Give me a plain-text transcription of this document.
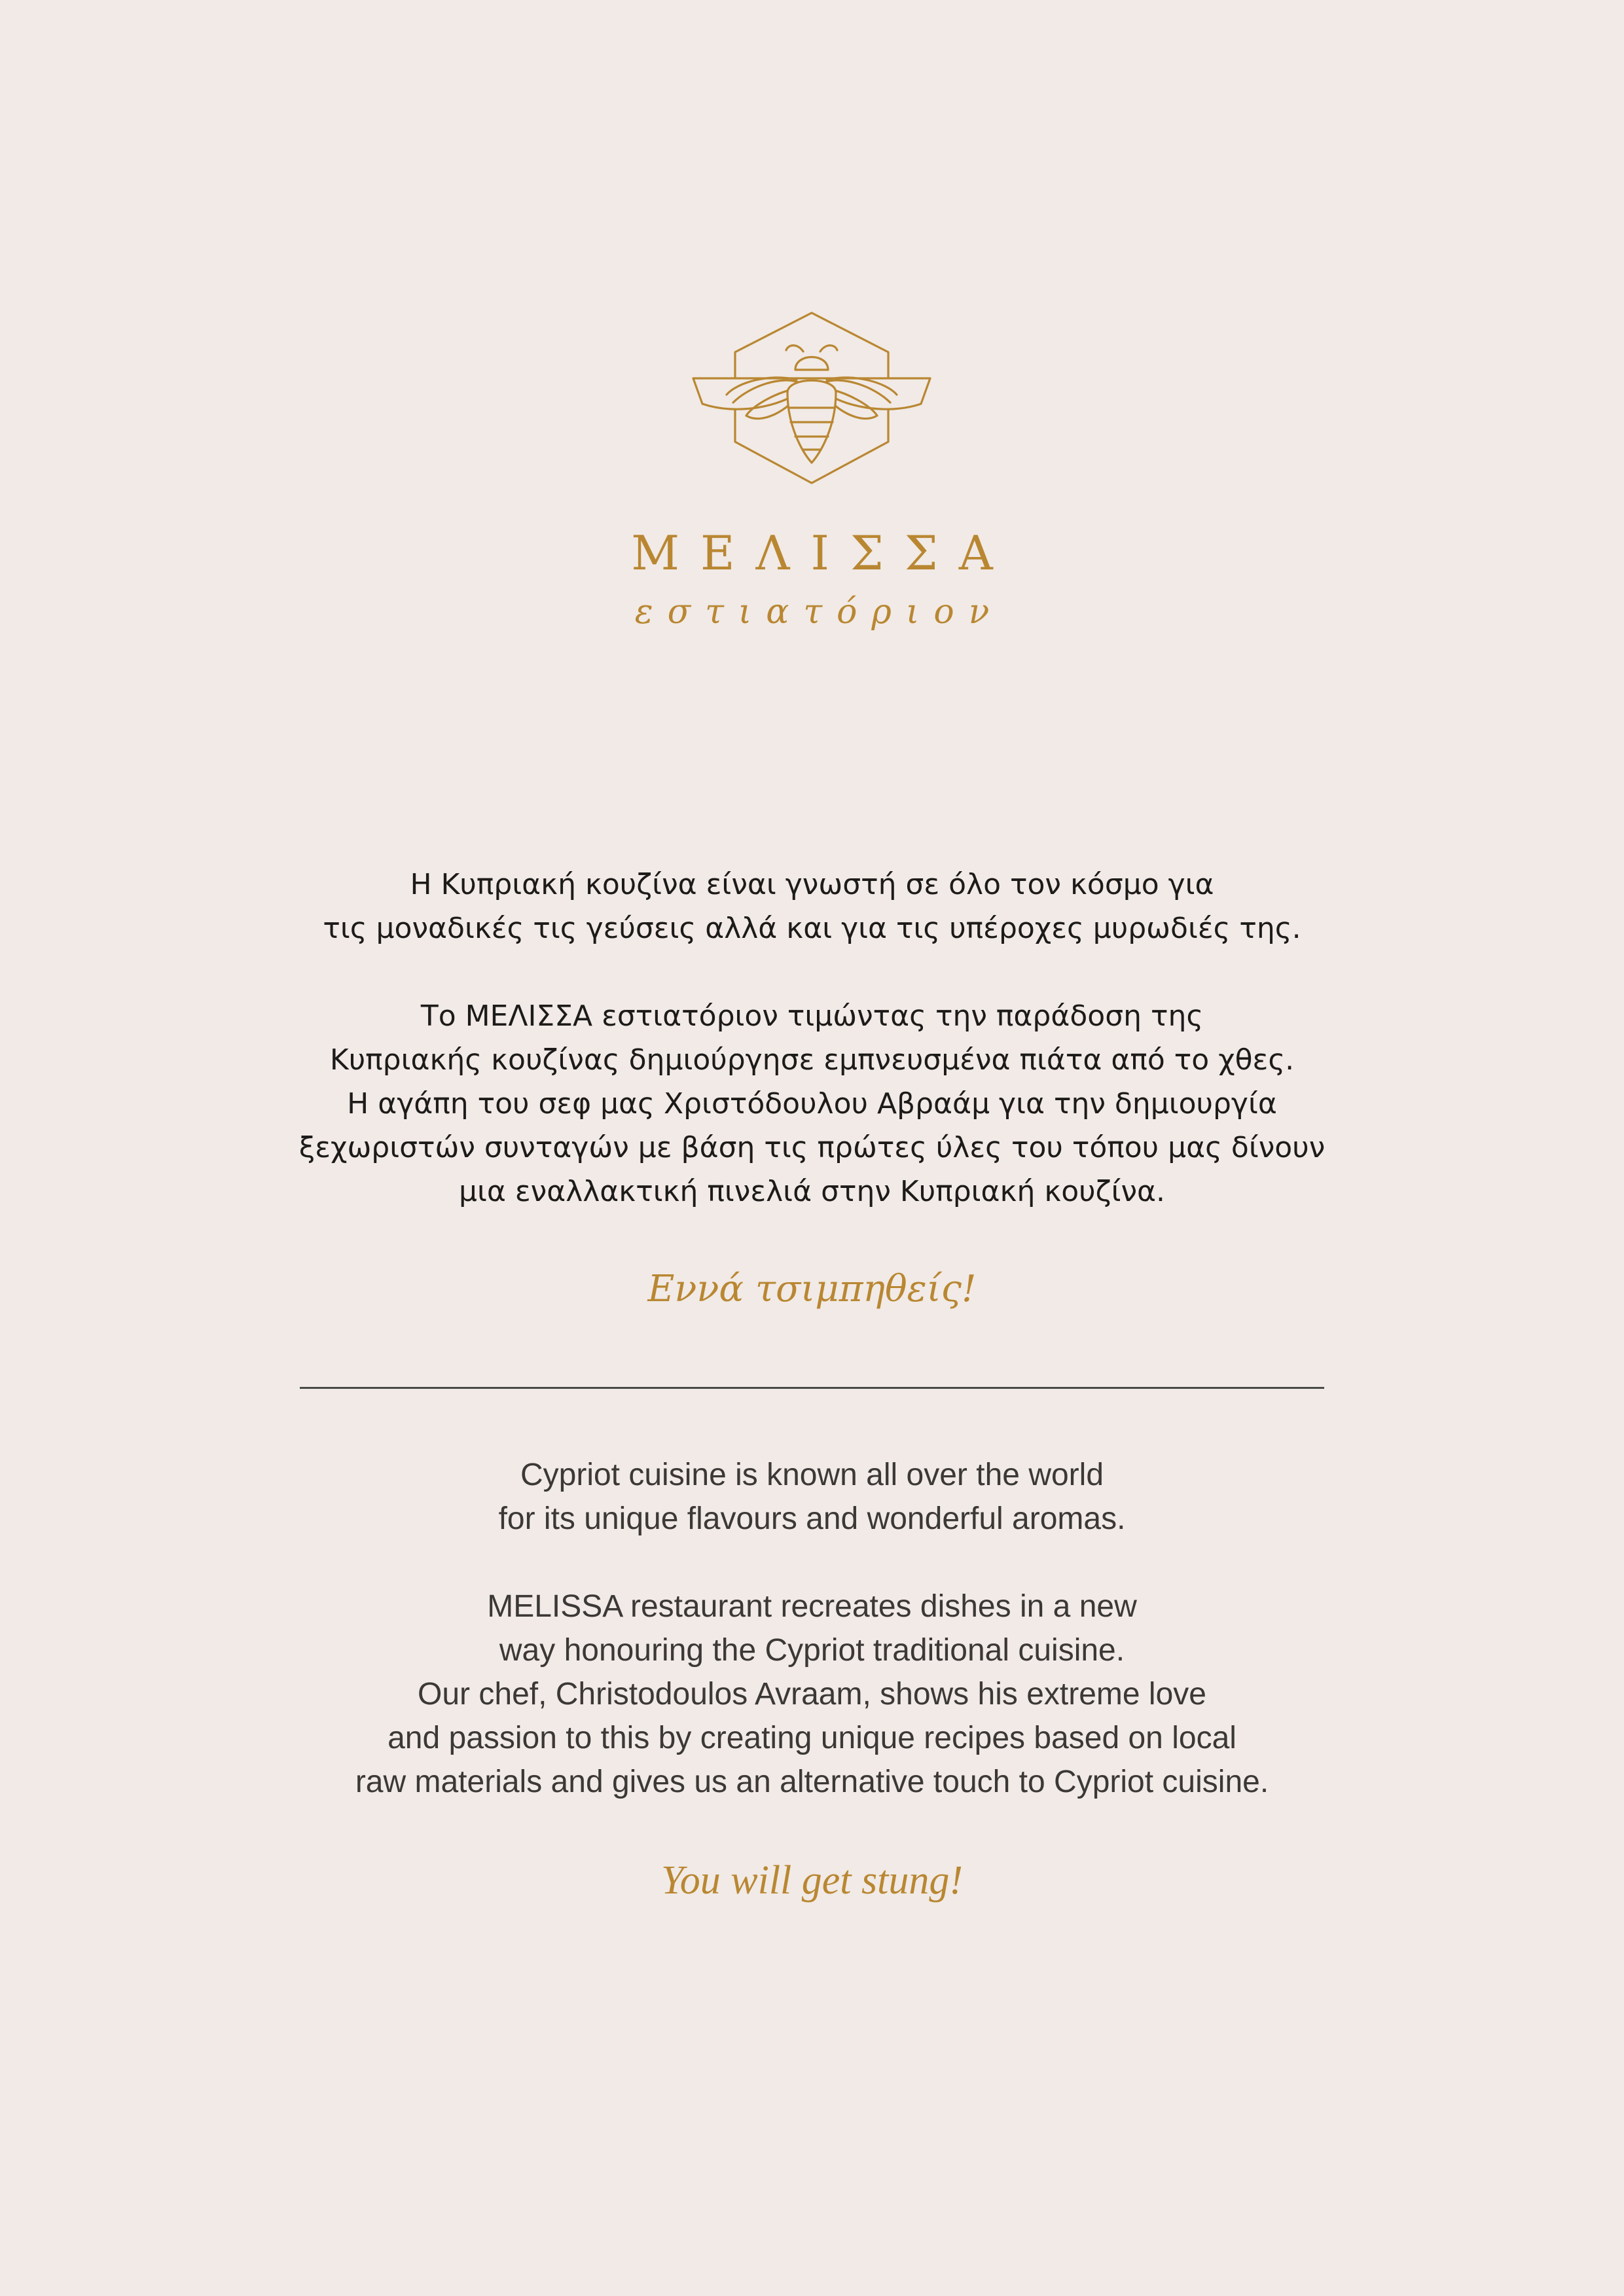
ΜΕΛΙΣΣΑ
εστιατόριον

Η Κυπριακή κουζίνα είναι γνωστή σε όλο τον κόσμο για

τις μοναδικές τις γεύσεις αλλά και για τις υπέροχες μυρωδιές της.

Το ΜΕΛΙΣΣΑ εστιατόριον τιμώντας την παράδοση της

Κυπριακής κουζίνας δημιούργησε εμπνευσμένα πιάτα από το χθες.

Η αγάπη του σεφ μας Χριστόδουλου Αβραάμ για την δημιουργία

ξεχωριστών συνταγών με βάση τις πρώτες ύλες του τόπου μας δίνουν

μια εναλλακτική πινελιά στην Κυπριακή κουζίνα.

Εννά τσιμπηθείς!

Cypriot cuisine is known all over the world

for its unique flavours and wonderful aromas.

MELISSA restaurant recreates dishes in a new

way honouring the Cypriot traditional cuisine.

Our chef, Christodoulos Avraam, shows his extreme love

and passion to this by creating unique recipes based on local

raw materials and gives us an alternative touch to Cypriot cuisine.

You will get stung!
